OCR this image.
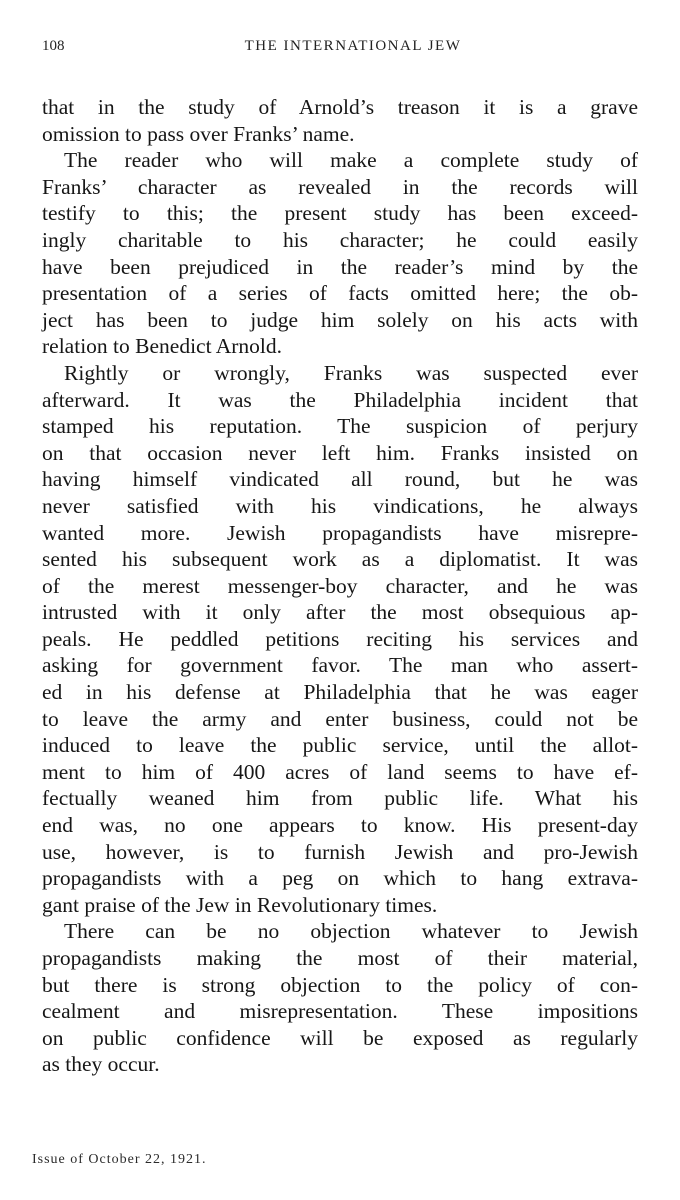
108	THE INTERNATIONAL JEW

that in the study of Arnold’s treason it is a grave
omission to pass over Franks’ name.

The reader who will make a complete study of
Franks’ character as revealed in the records will
testify to this; the present study has been exceed-
ingly charitable to his character; he could easily
have been prejudiced in the reader’s mind by the
presentation of a series of facts omitted here; the ob-
ject has been to judge him solely on his acts with
relation to Benedict Arnold.

Rightly or wrongly, Franks was suspected ever
afterward. It was the Philadelphia incident that
stamped his reputation. The suspicion of perjury
on that occasion never left him. Franks insisted on
having himself vindicated all round, but he was
never satisfied with his vindications, he always
wanted more. Jewish propagandists have misrepre-
sented his subsequent work as a diplomatist. It was
of the merest messenger-boy character, and he was
intrusted with it only after the most obsequious ap-
peals. He peddled petitions reciting his services and
asking for government favor. The man who assert-
ed in his defense at Philadelphia that he was eager
to leave the army and enter business, could not be
induced to leave the public service, until the allot-
ment to him of 400 acres of land seems to have ef-
fectually weaned him from public life. What his
end was, no one appears to know. His present-day
use, however, is to furnish Jewish and pro-Jewish
propagandists with a peg on which to hang extrava-
gant praise of the Jew in Revolutionary times.

There can be no objection whatever to Jewish
propagandists making the most of their material,
but there is strong objection to the policy of con-
cealment and misrepresentation. These impositions
on public confidence will be exposed as regularly
as they occur.

Issue of October 22, 1921.
